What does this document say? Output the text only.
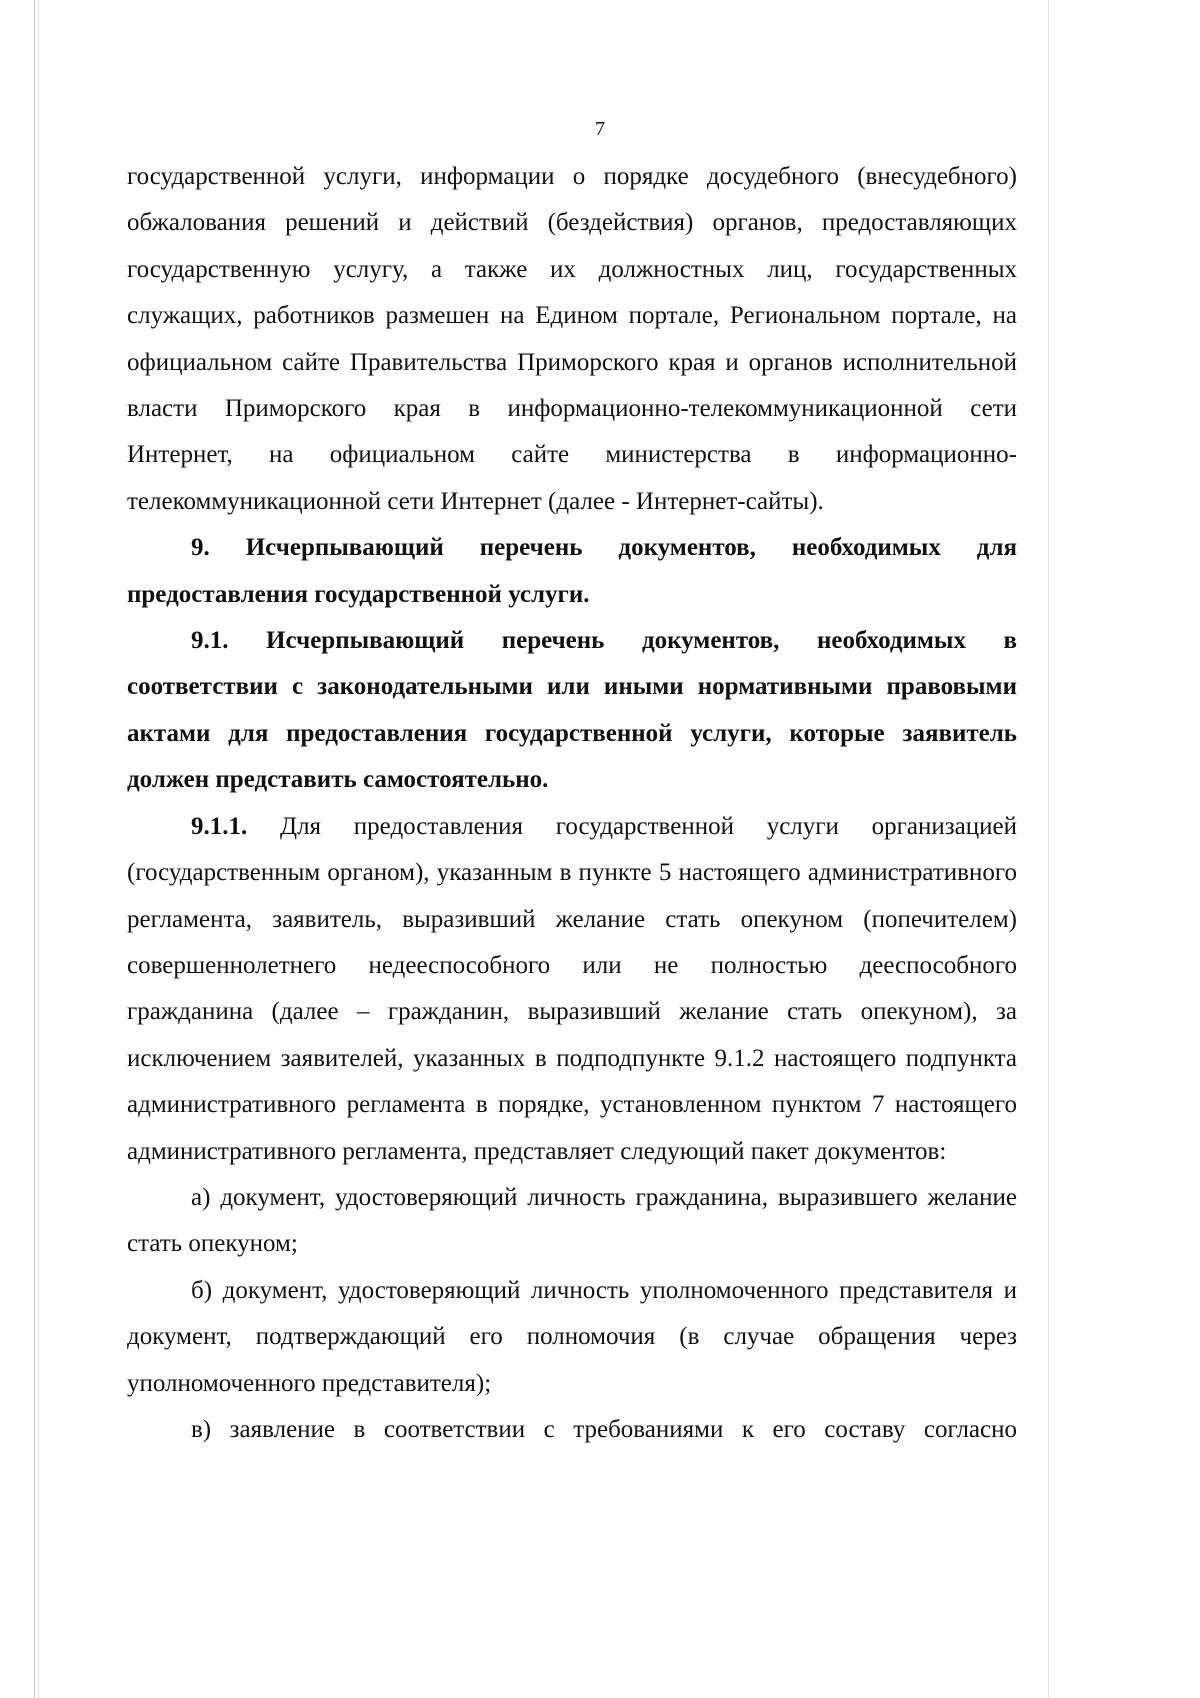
7

государственной услуги, информации о порядке досудебного (внесудебного) обжалования решений и действий (бездействия) органов, предоставляющих государственную услугу, а также их должностных лиц, государственных служащих, работников размешен на Едином портале, Региональном портале, на официальном сайте Правительства Приморского края и органов исполнительной власти Приморского края в информационно-телекоммуникационной сети Интернет, на официальном сайте министерства в информационно-телекоммуникационной сети Интернет (далее - Интернет-сайты).

9. Исчерпывающий перечень документов, необходимых для предоставления государственной услуги.

9.1. Исчерпывающий перечень документов, необходимых в соответствии с законодательными или иными нормативными правовыми актами для предоставления государственной услуги, которые заявитель должен представить самостоятельно.

9.1.1. Для предоставления государственной услуги организацией (государственным органом), указанным в пункте 5 настоящего административного регламента, заявитель, выразивший желание стать опекуном (попечителем) совершеннолетнего недееспособного или не полностью дееспособного гражданина (далее – гражданин, выразивший желание стать опекуном), за исключением заявителей, указанных в подподпункте 9.1.2 настоящего подпункта административного регламента в порядке, установленном пунктом 7 настоящего административного регламента, представляет следующий пакет документов:

а) документ, удостоверяющий личность гражданина, выразившего желание стать опекуном;

б) документ, удостоверяющий личность уполномоченного представителя и документ, подтверждающий его полномочия (в случае обращения через уполномоченного представителя);

в) заявление в соответствии с требованиями к его составу согласно
